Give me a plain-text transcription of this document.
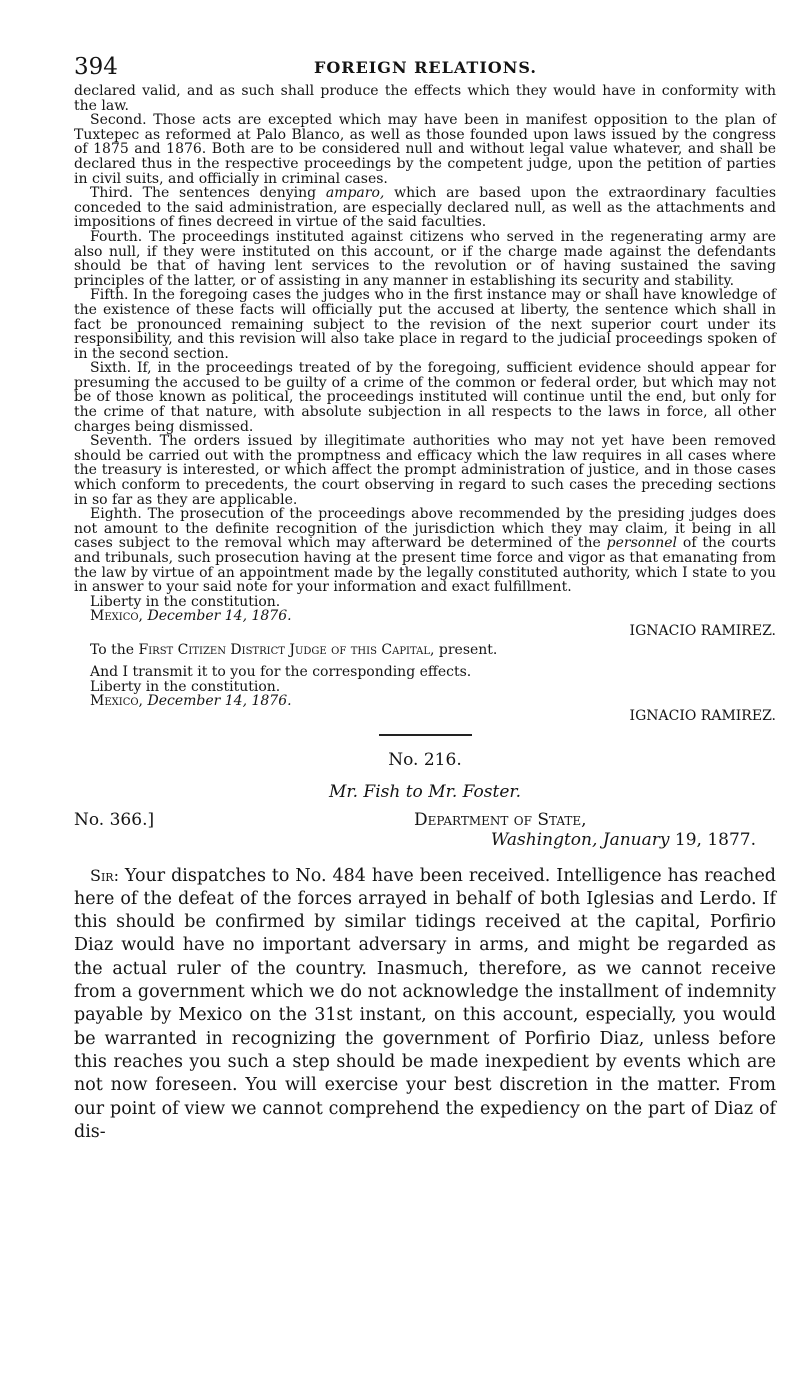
394	FOREIGN RELATIONS.

declared valid, and as such shall produce the effects which they would have in conformity with the law.

Second. Those acts are excepted which may have been in manifest opposition to the plan of Tuxtepec as reformed at Palo Blanco, as well as those founded upon laws issued by the congress of 1875 and 1876. Both are to be considered null and without legal value whatever, and shall be declared thus in the respective proceedings by the competent judge, upon the petition of parties in civil suits, and officially in criminal cases.

Third. The sentences denying amparo, which are based upon the extraordinary faculties conceded to the said administration, are especially declared null, as well as the attachments and impositions of fines decreed in virtue of the said faculties.

Fourth. The proceedings instituted against citizens who served in the regenerating army are also null, if they were instituted on this account, or if the charge made against the defendants should be that of having lent services to the revolution or of having sustained the saving principles of the latter, or of assisting in any manner in establishing its security and stability.

Fifth. In the foregoing cases the judges who in the first instance may or shall have knowledge of the existence of these facts will officially put the accused at liberty, the sentence which shall in fact be pronounced remaining subject to the revision of the next superior court under its responsibility, and this revision will also take place in regard to the judicial proceedings spoken of in the second section.

Sixth. If, in the proceedings treated of by the foregoing, sufficient evidence should appear for presuming the accused to be guilty of a crime of the common or federal order, but which may not be of those known as political, the proceedings instituted will continue until the end, but only for the crime of that nature, with absolute subjection in all respects to the laws in force, all other charges being dismissed.

Seventh. The orders issued by illegitimate authorities who may not yet have been removed should be carried out with the promptness and efficacy which the law requires in all cases where the treasury is interested, or which affect the prompt administration of justice, and in those cases which conform to precedents, the court observing in regard to such cases the preceding sections in so far as they are applicable.

Eighth. The prosecution of the proceedings above recommended by the presiding judges does not amount to the definite recognition of the jurisdiction which they may claim, it being in all cases subject to the removal which may afterward be determined of the personnel of the courts and tribunals, such prosecution having at the present time force and vigor as that emanating from the law by virtue of an appointment made by the legally constituted authority, which I state to you in answer to your said note for your information and exact fulfillment.

Liberty in the constitution.

Mexico, December 14, 1876.

IGNACIO RAMIREZ.

To the First Citizen District Judge of this Capital, present.

And I transmit it to you for the corresponding effects.

Liberty in the constitution.

Mexico, December 14, 1876.

IGNACIO RAMIREZ.

No. 216.
Mr. Fish to Mr. Foster.
No. 366.]	Department of State,
Washington, January 19, 1877.

Sir: Your dispatches to No. 484 have been received. Intelligence has reached here of the defeat of the forces arrayed in behalf of both Iglesias and Lerdo. If this should be confirmed by similar tidings received at the capital, Porfirio Diaz would have no important adversary in arms, and might be regarded as the actual ruler of the country. Inasmuch, therefore, as we cannot receive from a government which we do not acknowledge the installment of indemnity payable by Mexico on the 31st instant, on this account, especially, you would be warranted in recognizing the government of Porfirio Diaz, unless before this reaches you such a step should be made inexpedient by events which are not now foreseen. You will exercise your best discretion in the matter. From our point of view we cannot comprehend the expediency on the part of Diaz of dis-
